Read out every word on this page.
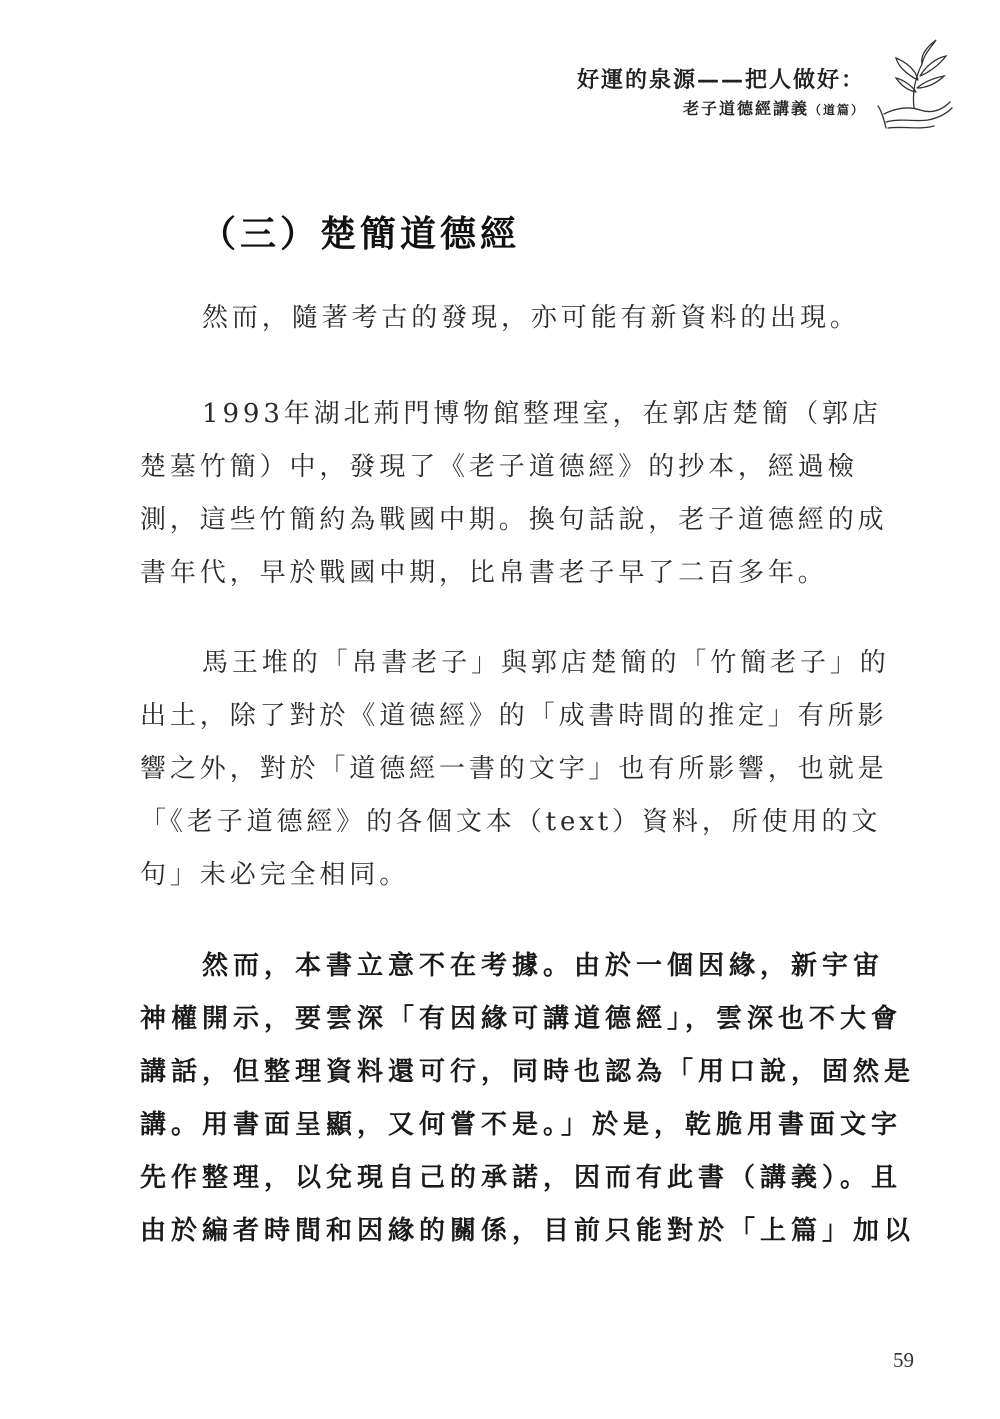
好運的泉源——把人做好：
老子道德經講義（道篇）
（三）楚簡道德經

然而，隨著考古的發現，亦可能有新資料的出現。

1993年湖北荊門博物館整理室，在郭店楚簡（郭店
楚墓竹簡）中，發現了《老子道德經》的抄本，經過檢
測，這些竹簡約為戰國中期。換句話說，老子道德經的成
書年代，早於戰國中期，比帛書老子早了二百多年。

馬王堆的「帛書老子」與郭店楚簡的「竹簡老子」的
出土，除了對於《道德經》的「成書時間的推定」有所影
響之外，對於「道德經一書的文字」也有所影響，也就是
「《老子道德經》的各個文本（text）資料，所使用的文
句」未必完全相同。

然而，本書立意不在考據。由於一個因緣，新宇宙
神權開示，要雲深「有因緣可講道德經」，雲深也不大會
講話，但整理資料還可行，同時也認為「用口說，固然是
講。用書面呈顯，又何嘗不是。」於是，乾脆用書面文字
先作整理，以兌現自己的承諾，因而有此書（講義）。且
由於編者時間和因緣的關係，目前只能對於「上篇」加以

59
